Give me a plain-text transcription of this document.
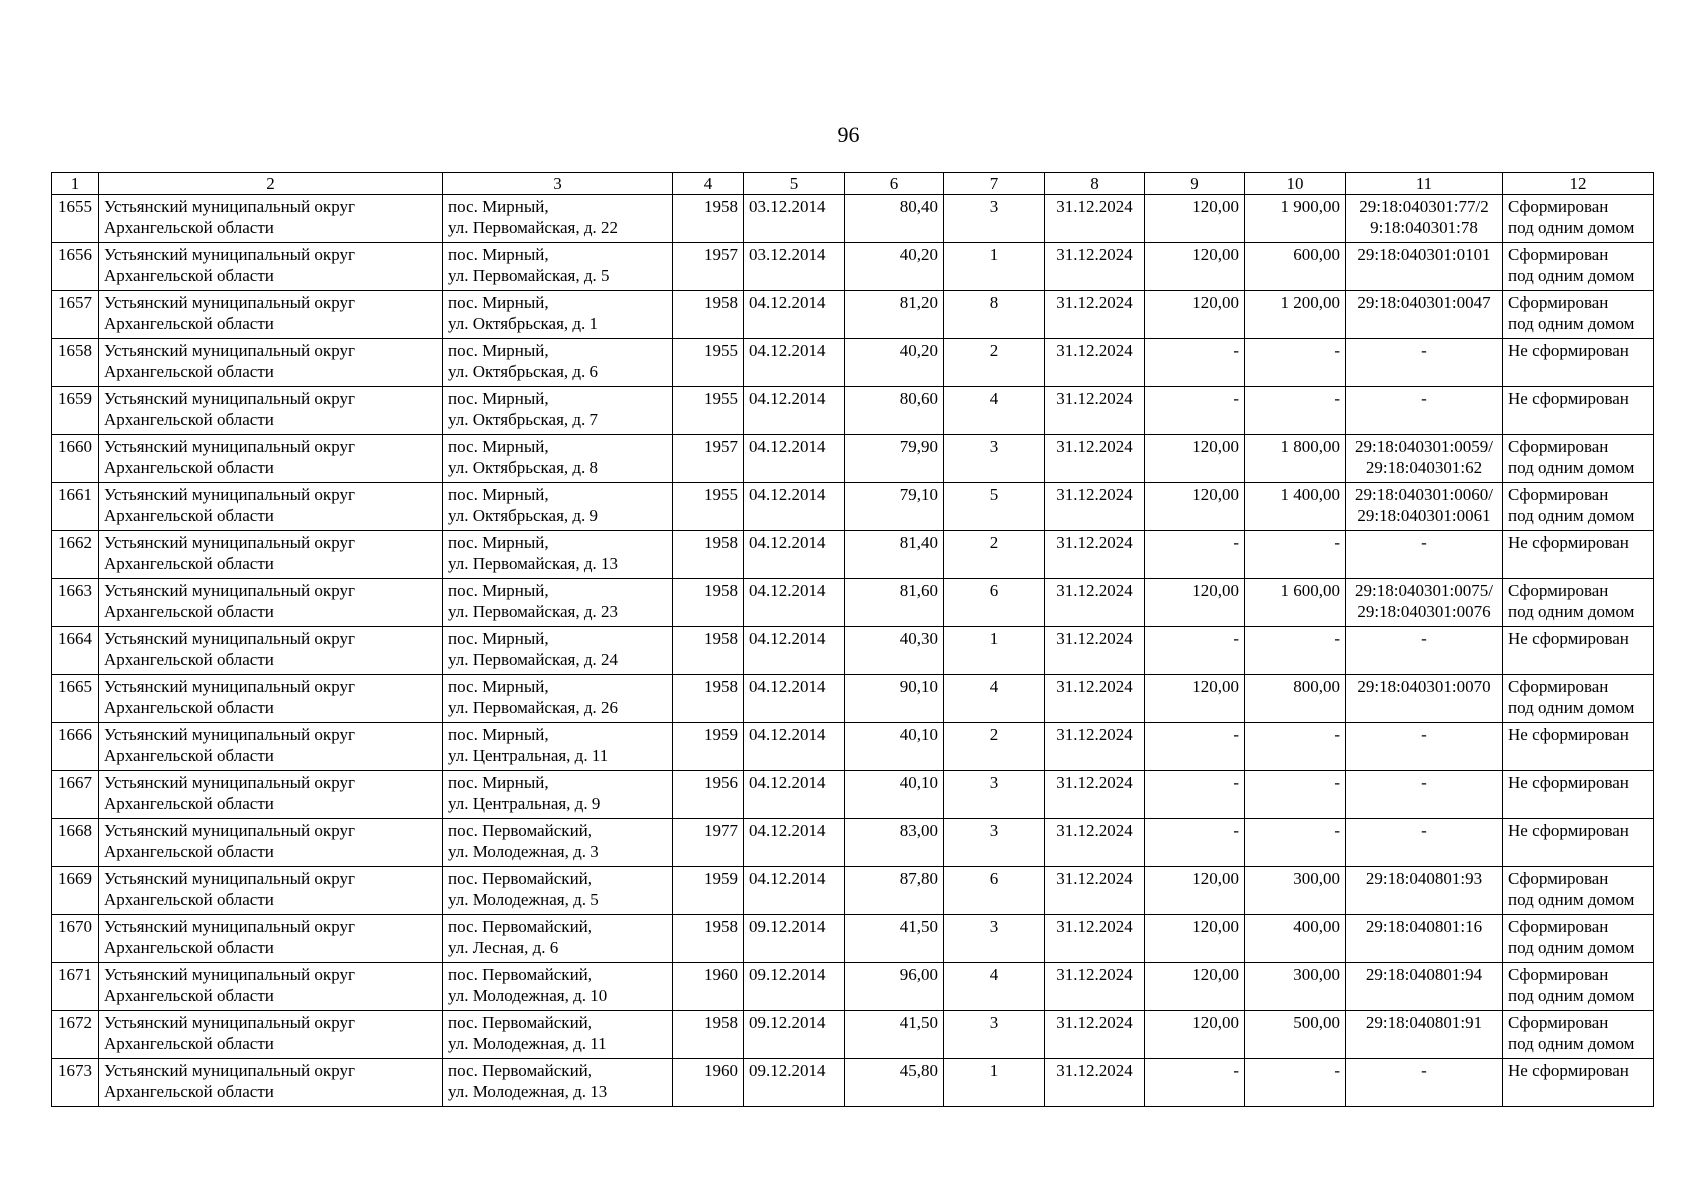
96
1	2	3	4	5	6	7	8	9	10	11	12
1655	Устьянский муниципальный округ
Архангельской области	пос. Мирный,
ул. Первомайская, д. 22	1958	03.12.2014	80,40	3	31.12.2024	120,00	1 900,00	29:18:040301:77/2
9:18:040301:78	Сформирован
под одним домом

1656	Устьянский муниципальный округ
Архангельской области	пос. Мирный,
ул. Первомайская, д. 5	1957	03.12.2014	40,20	1	31.12.2024	120,00	600,00	29:18:040301:0101	Сформирован
под одним домом

1657	Устьянский муниципальный округ
Архангельской области	пос. Мирный,
ул. Октябрьская, д. 1	1958	04.12.2014	81,20	8	31.12.2024	120,00	1 200,00	29:18:040301:0047	Сформирован
под одним домом

1658	Устьянский муниципальный округ
Архангельской области	пос. Мирный,
ул. Октябрьская, д. 6	1955	04.12.2014	40,20	2	31.12.2024	-	-	-	Не сформирован

1659	Устьянский муниципальный округ
Архангельской области	пос. Мирный,
ул. Октябрьская, д. 7	1955	04.12.2014	80,60	4	31.12.2024	-	-	-	Не сформирован

1660	Устьянский муниципальный округ
Архангельской области	пос. Мирный,
ул. Октябрьская, д. 8	1957	04.12.2014	79,90	3	31.12.2024	120,00	1 800,00	29:18:040301:0059/
29:18:040301:62	Сформирован
под одним домом

1661	Устьянский муниципальный округ
Архангельской области	пос. Мирный,
ул. Октябрьская, д. 9	1955	04.12.2014	79,10	5	31.12.2024	120,00	1 400,00	29:18:040301:0060/
29:18:040301:0061	Сформирован
под одним домом

1662	Устьянский муниципальный округ
Архангельской области	пос. Мирный,
ул. Первомайская, д. 13	1958	04.12.2014	81,40	2	31.12.2024	-	-	-	Не сформирован

1663	Устьянский муниципальный округ
Архангельской области	пос. Мирный,
ул. Первомайская, д. 23	1958	04.12.2014	81,60	6	31.12.2024	120,00	1 600,00	29:18:040301:0075/
29:18:040301:0076	Сформирован
под одним домом

1664	Устьянский муниципальный округ
Архангельской области	пос. Мирный,
ул. Первомайская, д. 24	1958	04.12.2014	40,30	1	31.12.2024	-	-	-	Не сформирован

1665	Устьянский муниципальный округ
Архангельской области	пос. Мирный,
ул. Первомайская, д. 26	1958	04.12.2014	90,10	4	31.12.2024	120,00	800,00	29:18:040301:0070	Сформирован
под одним домом

1666	Устьянский муниципальный округ
Архангельской области	пос. Мирный,
ул. Центральная, д. 11	1959	04.12.2014	40,10	2	31.12.2024	-	-	-	Не сформирован

1667	Устьянский муниципальный округ
Архангельской области	пос. Мирный,
ул. Центральная, д. 9	1956	04.12.2014	40,10	3	31.12.2024	-	-	-	Не сформирован

1668	Устьянский муниципальный округ
Архангельской области	пос. Первомайский,
ул. Молодежная, д. 3	1977	04.12.2014	83,00	3	31.12.2024	-	-	-	Не сформирован

1669	Устьянский муниципальный округ
Архангельской области	пос. Первомайский,
ул. Молодежная, д. 5	1959	04.12.2014	87,80	6	31.12.2024	120,00	300,00	29:18:040801:93	Сформирован
под одним домом

1670	Устьянский муниципальный округ
Архангельской области	пос. Первомайский,
ул. Лесная, д. 6	1958	09.12.2014	41,50	3	31.12.2024	120,00	400,00	29:18:040801:16	Сформирован
под одним домом

1671	Устьянский муниципальный округ
Архангельской области	пос. Первомайский,
ул. Молодежная, д. 10	1960	09.12.2014	96,00	4	31.12.2024	120,00	300,00	29:18:040801:94	Сформирован
под одним домом

1672	Устьянский муниципальный округ
Архангельской области	пос. Первомайский,
ул. Молодежная, д. 11	1958	09.12.2014	41,50	3	31.12.2024	120,00	500,00	29:18:040801:91	Сформирован
под одним домом

1673	Устьянский муниципальный округ
Архангельской области	пос. Первомайский,
ул. Молодежная, д. 13	1960	09.12.2014	45,80	1	31.12.2024	-	-	-	Не сформирован
